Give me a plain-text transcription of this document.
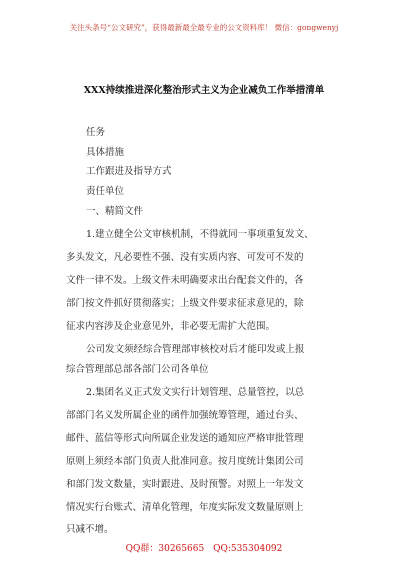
关注头条号“公文研究”，获得最新最全最专业的公文资料库！ 微信：gongwenyj
XXX持续推进深化整治形式主义为企业减负工作举措清单
任务
具体措施
工作跟进及指导方式
责任单位
一、精简文件
1.建立健全公文审核机制，不得就同一事项重复发文、
多头发文，凡必要性不强、没有实质内容、可发可不发的
文件一律不发。上级文件未明确要求出台配套文件的，各
部门按文件抓好贯彻落实；上级文件要求征求意见的，除
征求内容涉及企业意见外，非必要无需扩大范围。
公司发文须经综合管理部审核校对后才能印发或上报
综合管理部总部各部门公司各单位
2.集团名义正式发文实行计划管理、总量管控，以总
部部门名义发所属企业的函件加强统筹管理，通过台头、
邮件、蓝信等形式向所属企业发送的通知应严格审批管理
原则上须经本部门负责人批准同意。按月度统计集团公司
和部门发文数量，实时跟进、及时预警。对照上一年发文
情况实行台账式、清单化管理，年度实际发文数量原则上
只减不增。
QQ群：30265665 QQ:535304092
